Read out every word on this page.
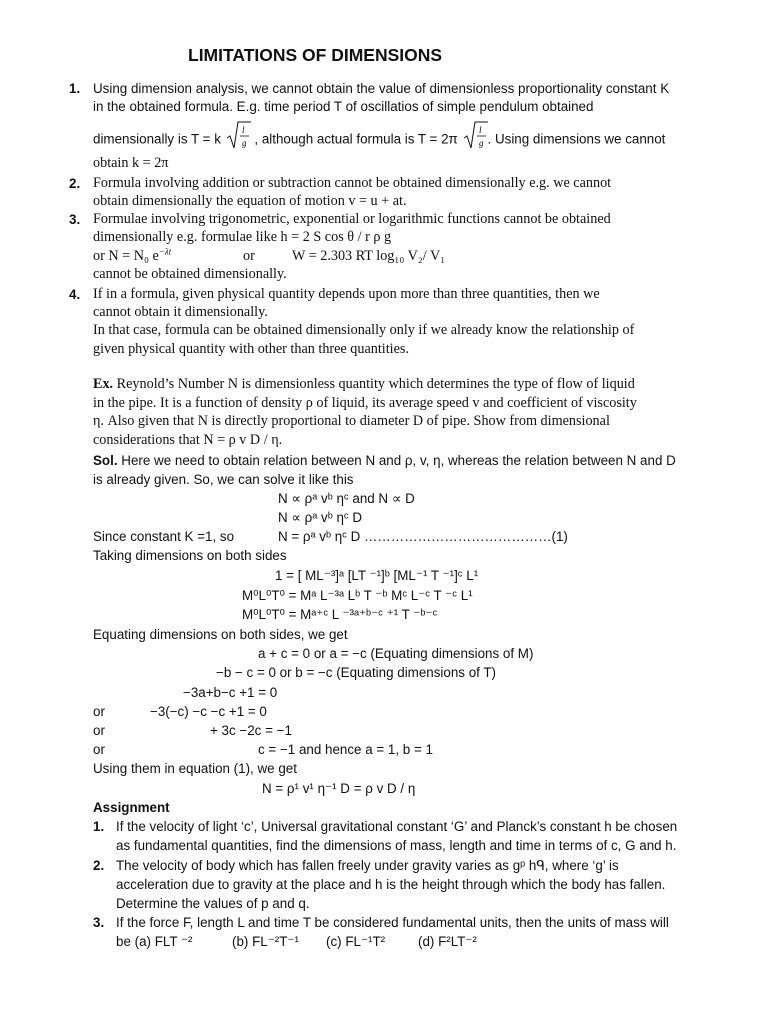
LIMITATIONS OF DIMENSIONS
1. Using dimension analysis, we cannot obtain the value of dimensionless proportionality constant K
in the obtained formula. E.g. time period T of oscillatios of simple pendulum obtained
dimensionally is T = k
l
g , although actual formula is T = 2π
l
g . Using dimensions we cannot
obtain k = 2π
2. Formula involving addition or subtraction cannot be obtained dimensionally e.g. we cannot
obtain dimensionally the equation of motion v = u + at.
3. Formulae involving trigonometric, exponential or logarithmic functions cannot be obtained
dimensionally e.g. formulae like h = 2 S cos θ / r ρ g
or N = N₀ $e^{-\lambda t}$	or	W = 2.303 RT log₁₀ V₂/ V₁
cannot be obtained dimensionally.
4. If in a formula, given physical quantity depends upon more than three quantities, then we
cannot obtain it dimensionally.
In that case, formula can be obtained dimensionally only if we already know the relationship of
given physical quantity with other than three quantities.
Ex. Reynold’s Number N is dimensionless quantity which determines the type of flow of liquid
in the pipe. It is a function of density ρ of liquid, its average speed v and coefficient of viscosity
η. Also given that N is directly proportional to diameter D of pipe. Show from dimensional
considerations that N = ρ v D / η.
Sol. Here we need to obtain relation between N and ρ, v, η, whereas the relation between N and D
is already given. So, we can solve it like this
N ∝ ρᵃ vᵇ ηᶜ and N ∝ D
N ∝ ρᵃ vᵇ ηᶜ D
Since constant K =1, so	N = ρᵃ vᵇ ηᶜ D ……………………………………(1)
Taking dimensions on both sides
1 = [ ML⁻³]ᵃ [LT ⁻¹]ᵇ [ML⁻¹ T ⁻¹]ᶜ L¹
M⁰L⁰T⁰ = Mᵃ L⁻³ᵃ Lᵇ T ⁻ᵇ Mᶜ L⁻ᶜ T ⁻ᶜ L¹
M⁰L⁰T⁰ = Mᵃ⁺ᶜ L ⁻³ᵃ⁺ᵇ⁻ᶜ ⁺¹ T ⁻ᵇ⁻ᶜ
Equating dimensions on both sides, we get
a + c = 0 or a = −c (Equating dimensions of M)
−b − c = 0 or b = −c (Equating dimensions of T)
−3a+b−c +1 = 0
or	−3(−c) −c −c +1 = 0
or	+ 3c −2c = −1
or	c = −1 and hence a = 1, b = 1
Using them in equation (1), we get
N = ρ¹ v¹ η⁻¹ D = ρ v D / η
Assignment
1. If the velocity of light ‘c’, Universal gravitational constant ‘G’ and Planck’s constant h be chosen
as fundamental quantities, find the dimensions of mass, length and time in terms of c, G and h.
2. The velocity of body which has fallen freely under gravity varies as gᵖ hᑫ, where ‘g’ is
acceleration due to gravity at the place and h is the height through which the body has fallen.
Determine the values of p and q.
3. If the force F, length L and time T be considered fundamental units, then the units of mass will
be (a) FLT ⁻²	(b) FL⁻²T⁻¹ (c) FL⁻¹T² (d) F²LT⁻²
